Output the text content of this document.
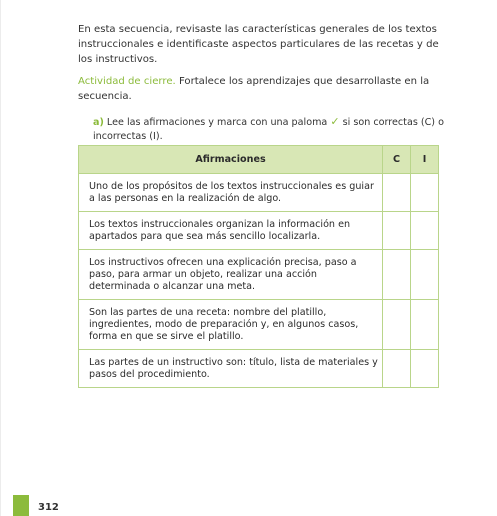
En esta secuencia, revisaste las características generales de los textos instruccionales e identificaste aspectos particulares de las recetas y de los instructivos.

Actividad de cierre. Fortalece los aprendizajes que desarrollaste en la secuencia.

a) Lee las afirmaciones y marca con una paloma ✓ si son correctas (C) o incorrectas (I).

Afirmaciones	C	I
Uno de los propósitos de los textos instruccionales es guiar a las personas en la realización de algo.		
Los textos instruccionales organizan la información en apartados para que sea más sencillo localizarla.		
Los instructivos ofrecen una explicación precisa, paso a paso, para armar un objeto, realizar una acción determinada o alcanzar una meta.		
Son las partes de una receta: nombre del platillo, ingredientes, modo de preparación y, en algunos casos, forma en que se sirve el platillo.		
Las partes de un instructivo son: título, lista de materiales y pasos del procedimiento.		
312
